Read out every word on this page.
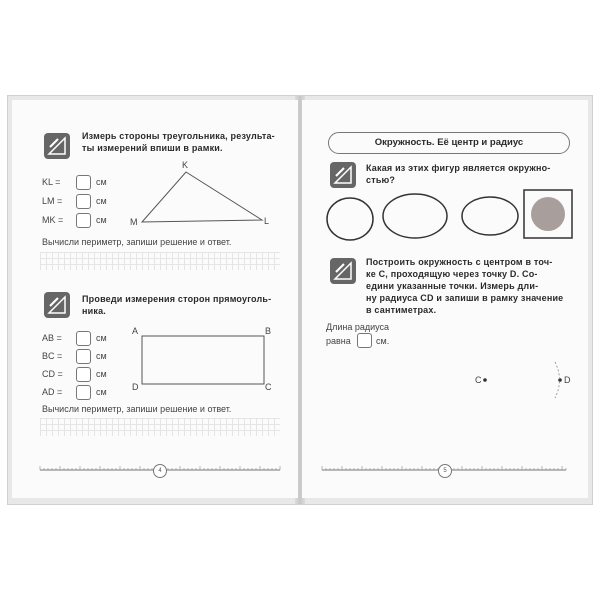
Измерь стороны треугольника, результа-
ты измерений впиши в рамки.
KL =	см
LM =	см
MK =	см
K
L
M
Вычисли периметр, запиши решение и ответ.
Проведи измерения сторон прямоуголь-
ника.
AB =	см
BC =	см
CD =	см
AD =	см
A	B
C
D
Вычисли периметр, запиши решение и ответ.
4
Окружность. Её центр и радиус
Какая из этих фигур является окружно-
стью?
Построить окружность с центром в точ-
ке C, проходящую через точку D. Со-
едини указанные точки. Измерь дли-
ну радиуса CD и запиши в рамку значение
в сантиметрах.
Длина радиуса
равна	см.
C	D
5
